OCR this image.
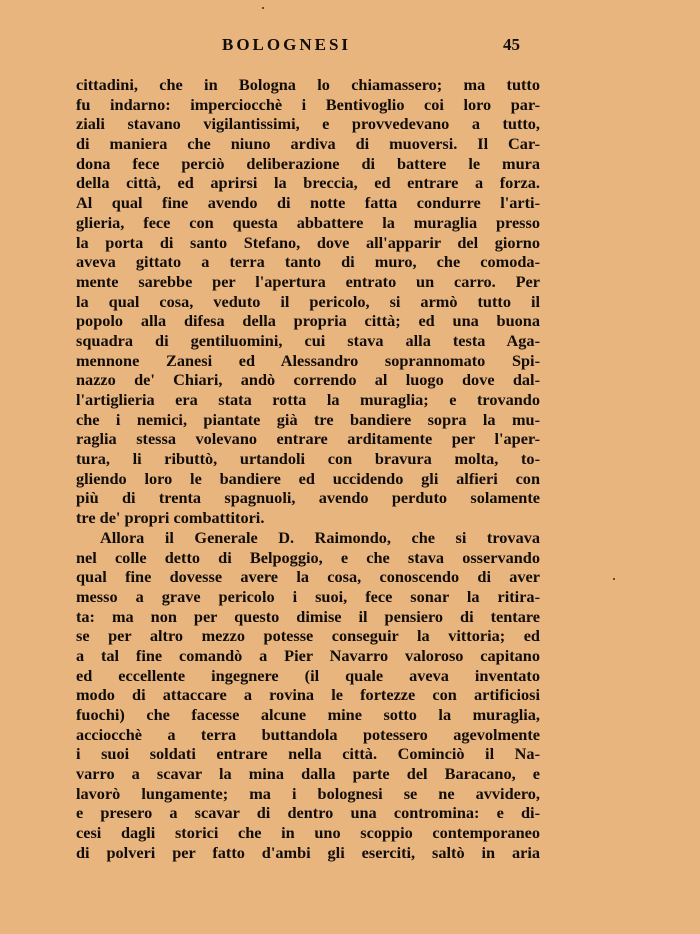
BOLOGNESI	45
cittadini, che in Bologna lo chiamassero; ma tutto
fu indarno: imperciocchè i Bentivoglio coi loro par-
ziali stavano vigilantissimi, e provvedevano a tutto,
di maniera che niuno ardiva di muoversi. Il Car-
dona fece perciò deliberazione di battere le mura
della città, ed aprirsi la breccia, ed entrare a forza.
Al qual fine avendo di notte fatta condurre l'arti-
glieria, fece con questa abbattere la muraglia presso
la porta di santo Stefano, dove all'apparir del giorno
aveva gittato a terra tanto di muro, che comoda-
mente sarebbe per l'apertura entrato un carro. Per
la qual cosa, veduto il pericolo, si armò tutto il
popolo alla difesa della propria città; ed una buona
squadra di gentiluomini, cui stava alla testa Aga-
mennone Zanesi ed Alessandro soprannomato Spi-
nazzo de' Chiari, andò correndo al luogo dove dal-
l'artiglieria era stata rotta la muraglia; e trovando
che i nemici, piantate già tre bandiere sopra la mu-
raglia stessa volevano entrare arditamente per l'aper-
tura, li ributtò, urtandoli con bravura molta, to-
gliendo loro le bandiere ed uccidendo gli alfieri con
più di trenta spagnuoli, avendo perduto solamente
tre de' propri combattitori.
Allora il Generale D. Raimondo, che si trovava
nel colle detto di Belpoggio, e che stava osservando
qual fine dovesse avere la cosa, conoscendo di aver
messo a grave pericolo i suoi, fece sonar la ritira-
ta: ma non per questo dimise il pensiero di tentare
se per altro mezzo potesse conseguir la vittoria; ed
a tal fine comandò a Pier Navarro valoroso capitano
ed eccellente ingegnere (il quale aveva inventato
modo di attaccare a rovina le fortezze con artificiosi
fuochi) che facesse alcune mine sotto la muraglia,
acciocchè a terra buttandola potessero agevolmente
i suoi soldati entrare nella città. Cominciò il Na-
varro a scavar la mina dalla parte del Baracano, e
lavorò lungamente; ma i bolognesi se ne avvidero,
e presero a scavar di dentro una contromina: e di-
cesi dagli storici che in uno scoppio contemporaneo
di polveri per fatto d'ambi gli eserciti, saltò in aria
